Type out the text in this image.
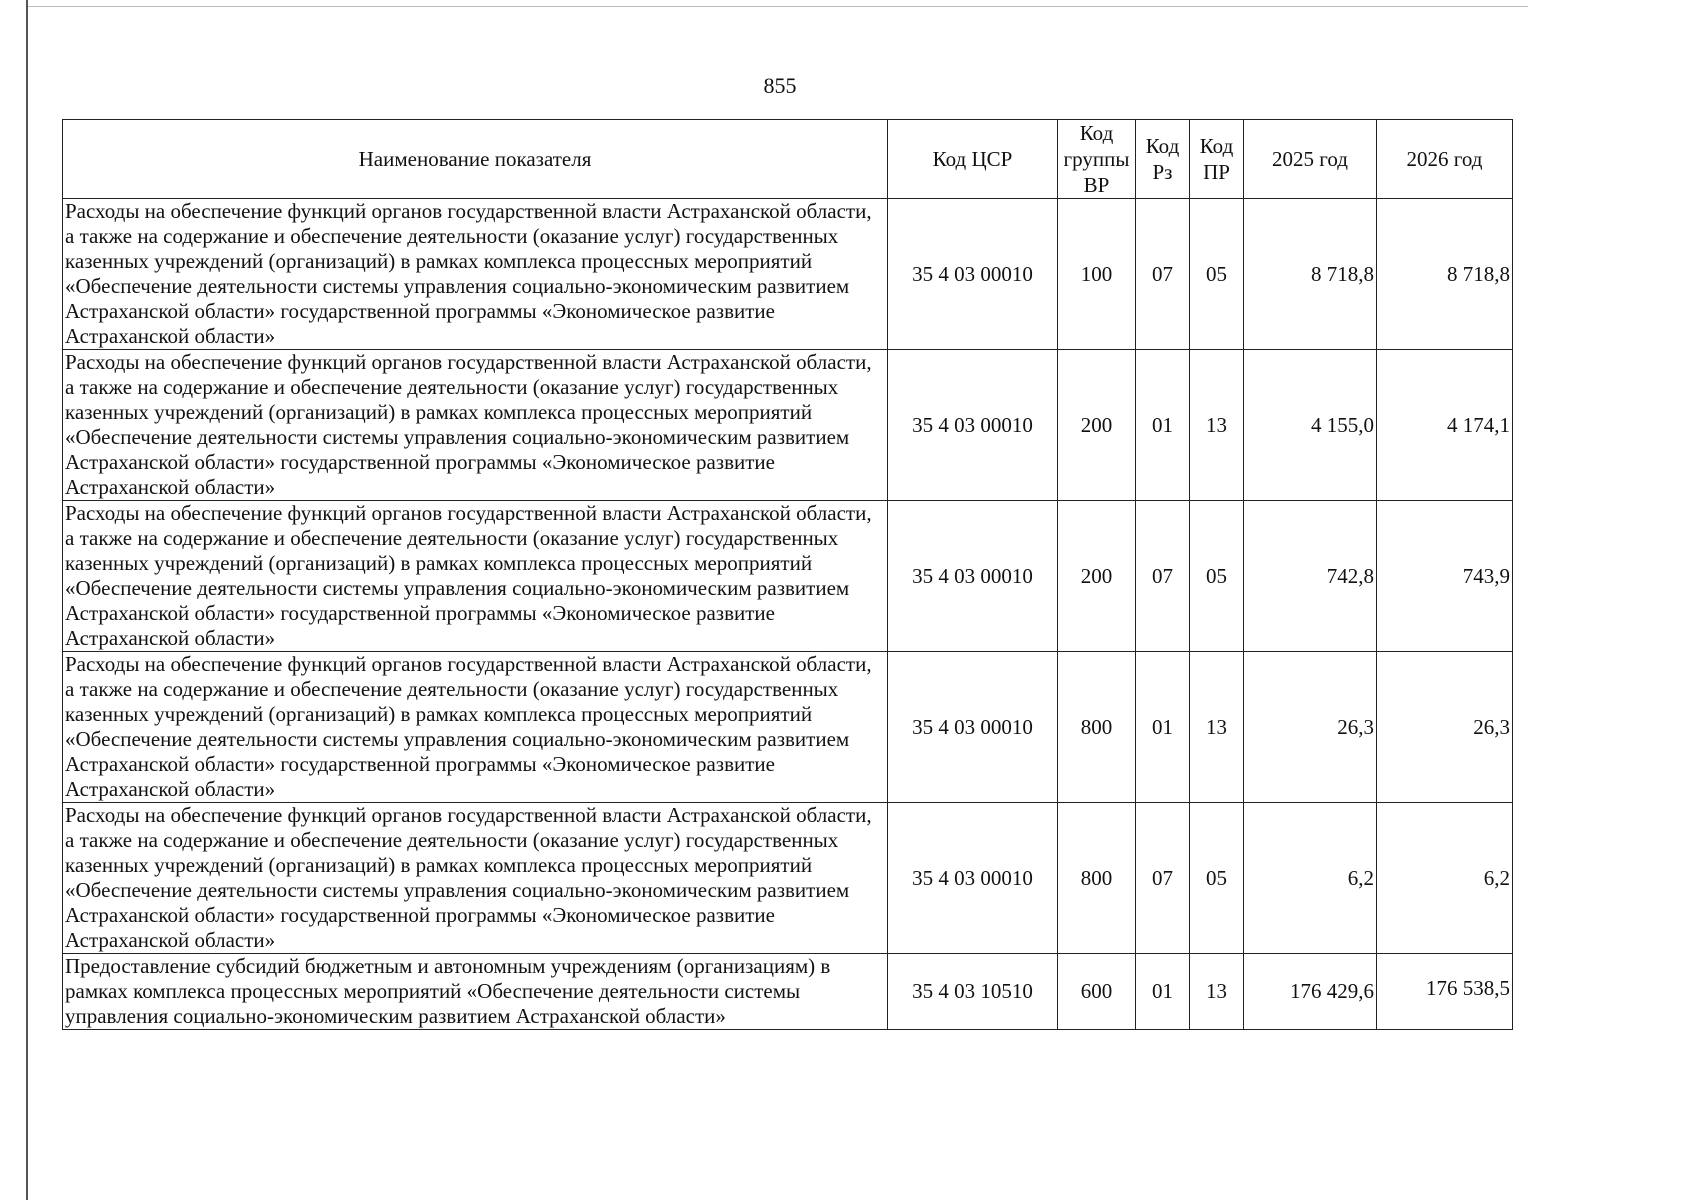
855
Наименование показателя	Код ЦСР	Код группы ВР	Код Рз	Код ПР	2025 год	2026 год
Расходы на обеспечение функций органов государственной власти Астраханской области, а также на содержание и обеспечение деятельности (оказание услуг) государственных казенных учреждений (организаций) в рамках комплекса процессных мероприятий «Обеспечение деятельности системы управления социально-экономическим развитием Астраханской области» государственной программы «Экономическое развитие Астраханской области»	35 4 03 00010	100	07	05	8 718,8	8 718,8
Расходы на обеспечение функций органов государственной власти Астраханской области, а также на содержание и обеспечение деятельности (оказание услуг) государственных казенных учреждений (организаций) в рамках комплекса процессных мероприятий «Обеспечение деятельности системы управления социально-экономическим развитием Астраханской области» государственной программы «Экономическое развитие Астраханской области»	35 4 03 00010	200	01	13	4 155,0	4 174,1
Расходы на обеспечение функций органов государственной власти Астраханской области, а также на содержание и обеспечение деятельности (оказание услуг) государственных казенных учреждений (организаций) в рамках комплекса процессных мероприятий «Обеспечение деятельности системы управления социально-экономическим развитием Астраханской области» государственной программы «Экономическое развитие Астраханской области»	35 4 03 00010	200	07	05	742,8	743,9
Расходы на обеспечение функций органов государственной власти Астраханской области, а также на содержание и обеспечение деятельности (оказание услуг) государственных казенных учреждений (организаций) в рамках комплекса процессных мероприятий «Обеспечение деятельности системы управления социально-экономическим развитием Астраханской области» государственной программы «Экономическое развитие Астраханской области»	35 4 03 00010	800	01	13	26,3	26,3
Расходы на обеспечение функций органов государственной власти Астраханской области, а также на содержание и обеспечение деятельности (оказание услуг) государственных казенных учреждений (организаций) в рамках комплекса процессных мероприятий «Обеспечение деятельности системы управления социально-экономическим развитием Астраханской области» государственной программы «Экономическое развитие Астраханской области»	35 4 03 00010	800	07	05	6,2	6,2
Предоставление субсидий бюджетным и автономным учреждениям (организациям) в рамках комплекса процессных мероприятий «Обеспечение деятельности системы управления социально-экономическим развитием Астраханской области»	35 4 03 10510	600	01	13	176 429,6	176 538,5
